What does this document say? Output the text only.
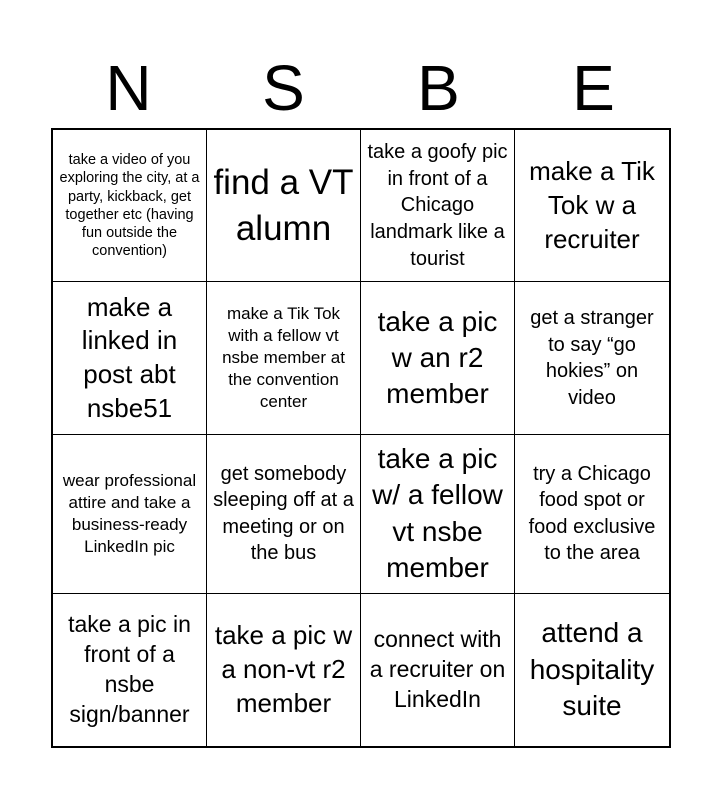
N	S	B	E
take a video of you exploring the city, at a party, kickback, get together etc (having fun outside the convention)
find a VT alumn
take a goofy pic in front of a Chicago landmark like a tourist
make a Tik Tok w a recruiter
make a linked in post abt nsbe51
make a Tik Tok with a fellow vt nsbe member at the convention center
take a pic w an r2 member
get a stranger to say “go hokies” on video
wear professional attire and take a business-ready LinkedIn pic
get somebody sleeping off at a meeting or on the bus
take a pic w/ a fellow vt nsbe member
try a Chicago food spot or food exclusive to the area
take a pic in front of a nsbe sign/banner
take a pic w a non-vt r2 member
connect with a recruiter on LinkedIn
attend a hospitality suite
